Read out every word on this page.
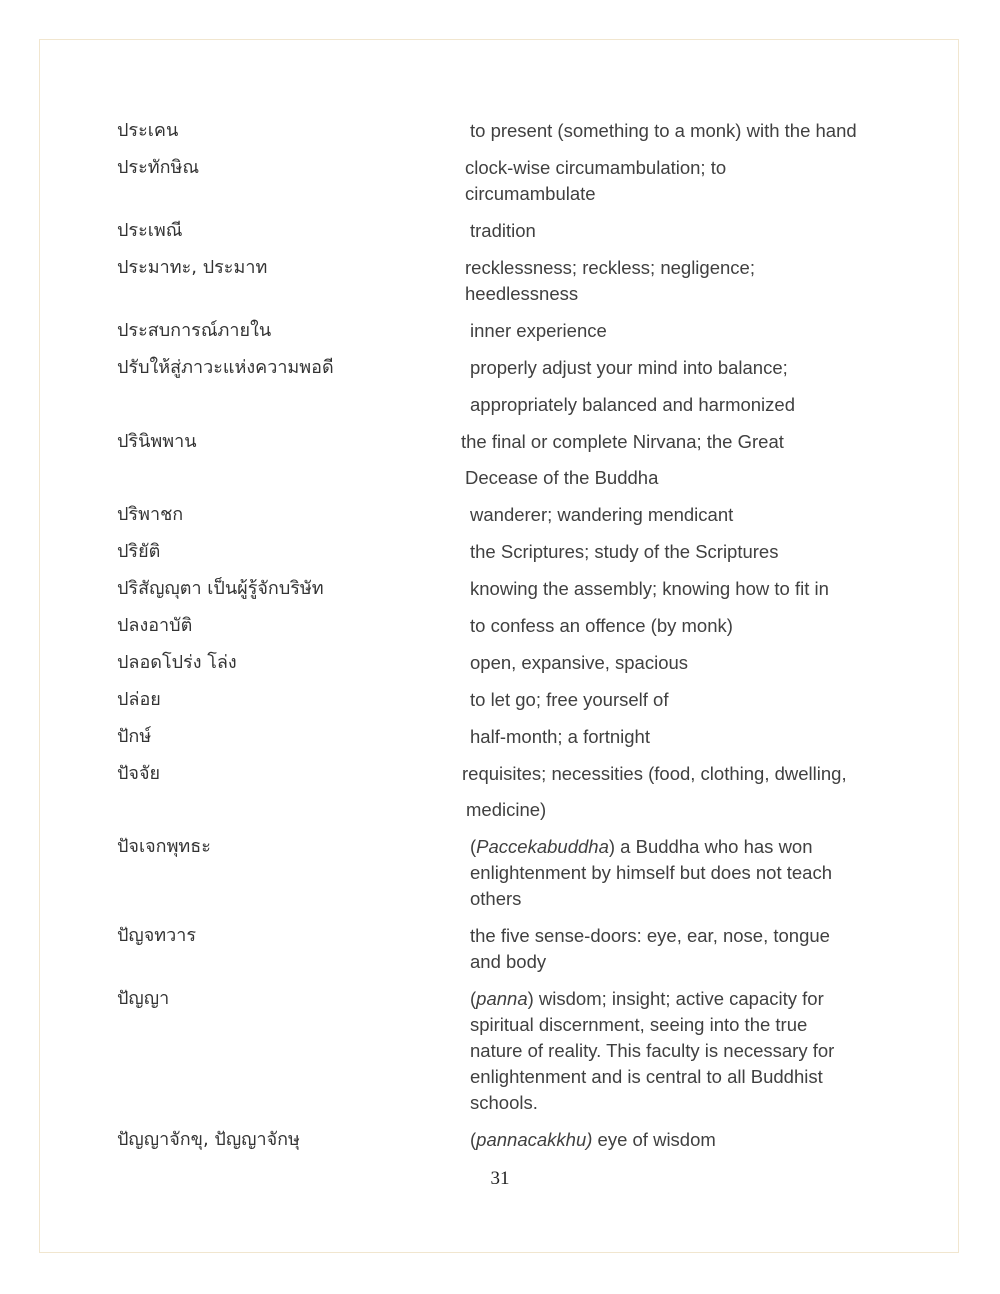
ประเคน	to present (something to a monk) with the hand
ประทักษิณ	clock-wise circumambulation; to
circumambulate
ประเพณี	tradition
ประมาทะ, ประมาท	recklessness; reckless; negligence;
heedlessness
ประสบการณ์ภายใน	inner experience
ปรับให้สู่ภาวะแห่งความพอดี	properly adjust your mind into balance;
appropriately balanced and harmonized
ปรินิพพาน	the final or complete Nirvana; the Great
Decease of the Buddha
ปริพาชก	wanderer; wandering mendicant
ปริยัติ	the Scriptures; study of the Scriptures
ปริสัญญุตา เป็นผู้รู้จักบริษัท	knowing the assembly; knowing how to fit in
ปลงอาบัติ	to confess an offence (by monk)
ปลอดโปร่ง โล่ง	open, expansive, spacious
ปล่อย	to let go; free yourself of
ปักษ์	half-month; a fortnight
ปัจจัย	requisites; necessities (food, clothing, dwelling,
medicine)
ปัจเจกพุทธะ	(Paccekabuddha) a Buddha who has won
enlightenment by himself but does not teach
others
ปัญจทวาร	the five sense-doors: eye, ear, nose, tongue
and body
ปัญญา	(panna) wisdom; insight; active capacity for
spiritual discernment, seeing into the true
nature of reality. This faculty is necessary for
enlightenment and is central to all Buddhist
schools.
ปัญญาจักขุ, ปัญญาจักษุ	(pannacakkhu) eye of wisdom
31
